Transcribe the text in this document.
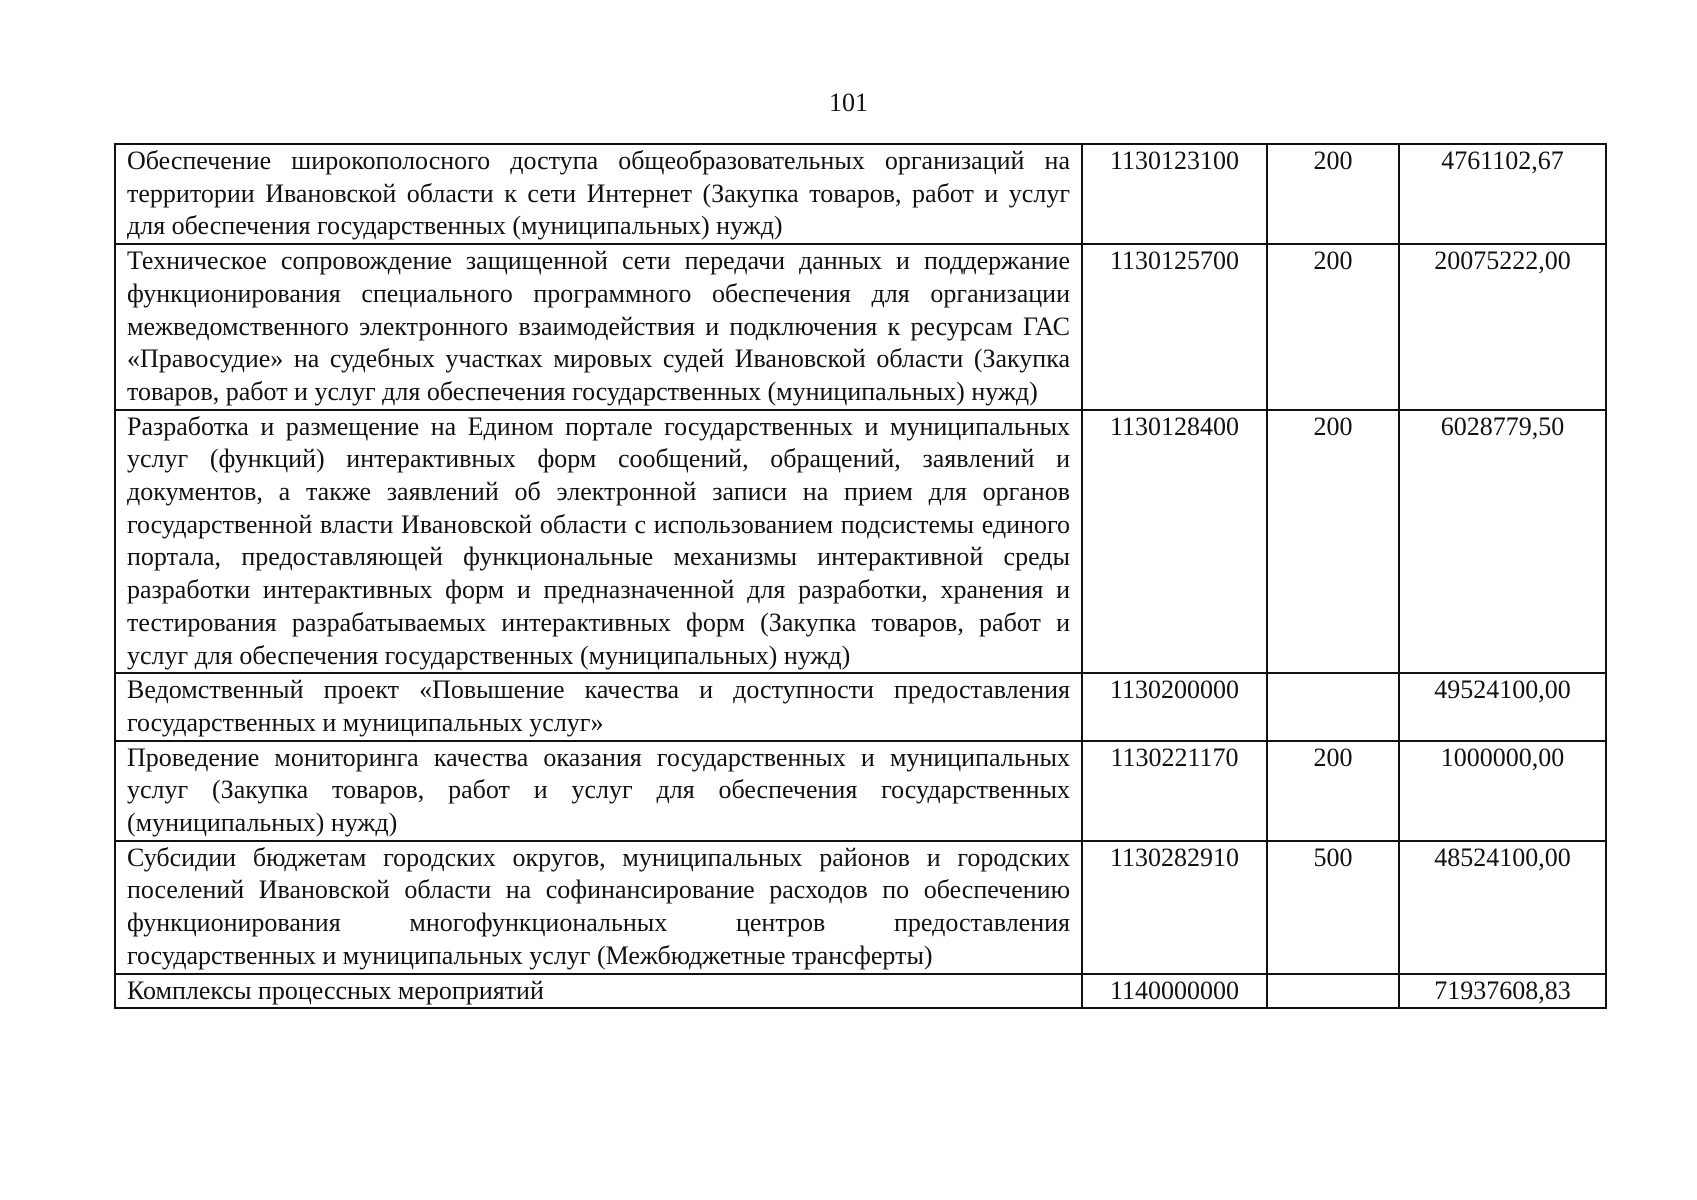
101
Обеспечение широкополосного доступа общеобразовательных организаций на территории Ивановской области к сети Интернет (Закупка товаров, работ и услуг для обеспечения государственных (муниципальных) нужд)	1130123100	200	4761102,67
Техническое сопровождение защищенной сети передачи данных и поддержание функционирования специального программного обеспечения для организации межведомственного электронного взаимодействия и подключения к ресурсам ГАС «Правосудие» на судебных участках мировых судей Ивановской области (Закупка товаров, работ и услуг для обеспечения государственных (муниципальных) нужд)	1130125700	200	20075222,00
Разработка и размещение на Едином портале государственных и муниципальных услуг (функций) интерактивных форм сообщений, обращений, заявлений и документов, а также заявлений об электронной записи на прием для органов государственной власти Ивановской области с использованием подсистемы единого портала, предоставляющей функциональные механизмы интерактивной среды разработки интерактивных форм и предназначенной для разработки, хранения и тестирования разрабатываемых интерактивных форм (Закупка товаров, работ и услуг для обеспечения государственных (муниципальных) нужд)	1130128400	200	6028779,50
Ведомственный проект «Повышение качества и доступности предоставления государственных и муниципальных услуг»	1130200000		49524100,00
Проведение мониторинга качества оказания государственных и муниципальных услуг (Закупка товаров, работ и услуг для обеспечения государственных (муниципальных) нужд)	1130221170	200	1000000,00
Субсидии бюджетам городских округов, муниципальных районов и городских поселений Ивановской области на софинансирование расходов по обеспечению функционирования многофункциональных центров предоставления государственных и муниципальных услуг (Межбюджетные трансферты)	1130282910	500	48524100,00
Комплексы процессных мероприятий	1140000000		71937608,83
